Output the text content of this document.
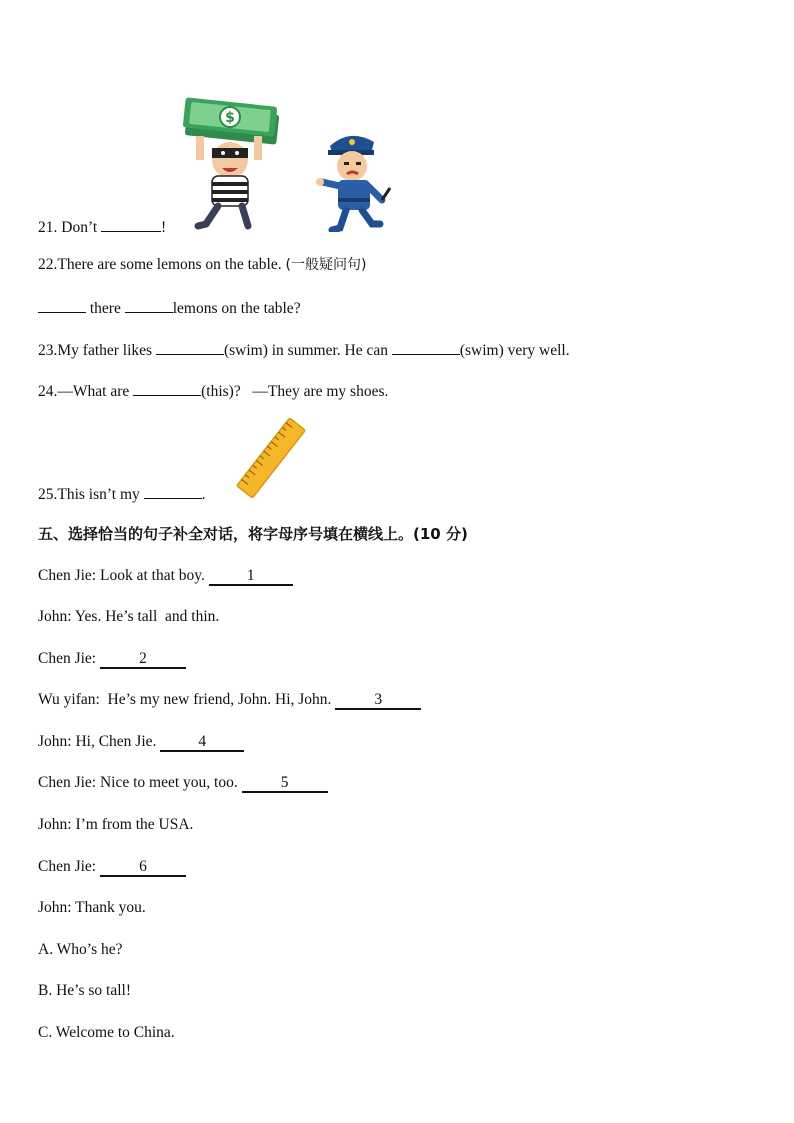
$
21. Don’t	!
22.There are some lemons on the table. (一般疑问句)
there	lemons on the table?
23.My father likes	(swim) in summer. He can	(swim) very well.
24.—What are	(this)?   —They are my shoes.
25.This isn’t my	.
五、选择恰当的句子补全对话，将字母序号填在横线上。(10 分)
Chen Jie: Look at that boy. 1
John: Yes. He’s tall  and thin.
Chen Jie:	2
Wu yifan:  He’s my new friend, John. Hi, John.	3
John: Hi, Chen Jie. 4
Chen Jie: Nice to meet you, too.	5
John: I’m from the USA.
Chen Jie:	6
John: Thank you.
A. Who’s he?
B. He’s so tall!
C. Welcome to China.
